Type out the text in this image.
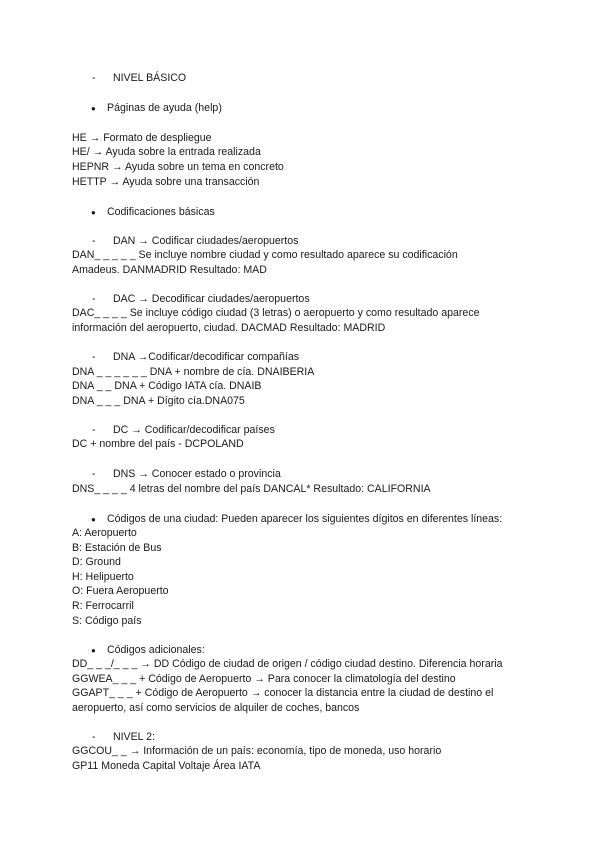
- NIVEL BÁSICO
● Páginas de ayuda (help)
HE → Formato de despliegue
HE/ → Ayuda sobre la entrada realizada
HEPNR → Ayuda sobre un tema en concreto
HETTP → Ayuda sobre una transacción
● Codificaciones básicas
- DAN → Codificar ciudades/aeropuertos
DAN_ _ _ _ _ Se incluye nombre ciudad y como resultado aparece su codificación
Amadeus. DANMADRID Resultado: MAD
- DAC → Decodificar ciudades/aeropuertos
DAC_ _ _ _ Se incluye código ciudad (3 letras) o aeropuerto y como resultado aparece
información del aeropuerto, ciudad. DACMAD Resultado: MADRID
- DNA →Codificar/decodificar compañías
DNA _ _ _ _ _ _ DNA + nombre de cía. DNAIBERIA
DNA _ _ DNA + Código IATA cía. DNAIB
DNA _ _ _ DNA + Dígito cía.DNA075
- DC → Codificar/decodificar países
DC + nombre del país - DCPOLAND
- DNS → Conocer estado o provincia
DNS_ _ _ _ 4 letras del nombre del país DANCAL* Resultado: CALIFORNIA
● Códigos de una ciudad: Pueden aparecer los siguientes dígitos en diferentes líneas:
A: Aeropuerto
B: Estación de Bus
D: Ground
H: Helipuerto
O: Fuera Aeropuerto
R: Ferrocarril
S: Código país
● Códigos adicionales:
DD_ _ _/_ _ _ → DD Código de ciudad de origen / código ciudad destino. Diferencia horaria
GGWEA_ _ _ + Código de Aeropuerto → Para conocer la climatología del destino
GGAPT_ _ _ + Código de Aeropuerto → conocer la distancia entre la ciudad de destino el
aeropuerto, así como servicios de alquiler de coches, bancos
- NIVEL 2:
GGCOU_ _ → Información de un país: economía, tipo de moneda, uso horario
GP11 Moneda Capital Voltaje Área IATA
